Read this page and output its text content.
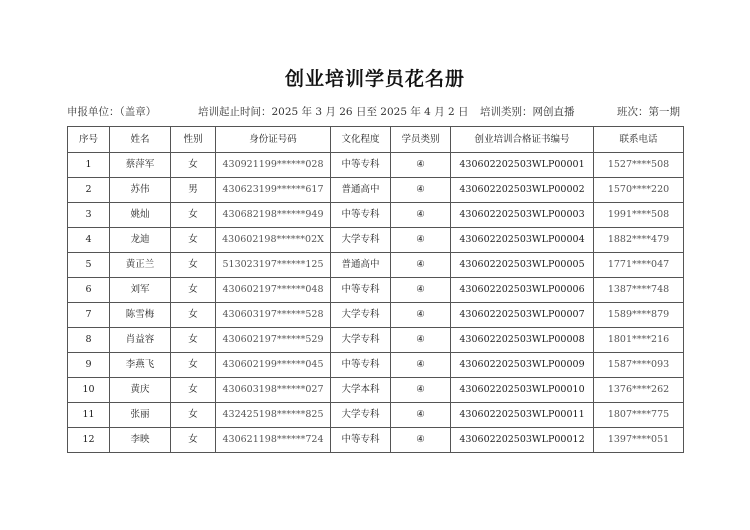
创业培训学员花名册
申报单位：（盖章）	培训起止时间：2025 年 3 月 26 日至 2025 年 4 月 2 日 培训类别：网创直播	班次：第一期
序号	姓名	性别	身份证号码	文化程度	学员类别	创业培训合格证书编号	联系电话
1	蔡萍军	女	430921199******028	中等专科	④	430602202503WLP00001	1527****508
2	苏伟	男	430623199******617	普通高中	④	430602202503WLP00002	1570****220
3	姚灿	女	430682198******949	中等专科	④	430602202503WLP00003	1991****508
4	龙迪	女	430602198******02X	大学专科	④	430602202503WLP00004	1882****479
5	黄正兰	女	513023197******125	普通高中	④	430602202503WLP00005	1771****047
6	刘军	女	430602197******048	中等专科	④	430602202503WLP00006	1387****748
7	陈雪梅	女	430603197******528	大学专科	④	430602202503WLP00007	1589****879
8	肖益容	女	430602197******529	大学专科	④	430602202503WLP00008	1801****216
9	李燕飞	女	430602199******045	中等专科	④	430602202503WLP00009	1587****093
10	黄庆	女	430603198******027	大学本科	④	430602202503WLP00010	1376****262
11	张丽	女	432425198******825	大学专科	④	430602202503WLP00011	1807****775
12	李映	女	430621198******724	中等专科	④	430602202503WLP00012	1397****051
